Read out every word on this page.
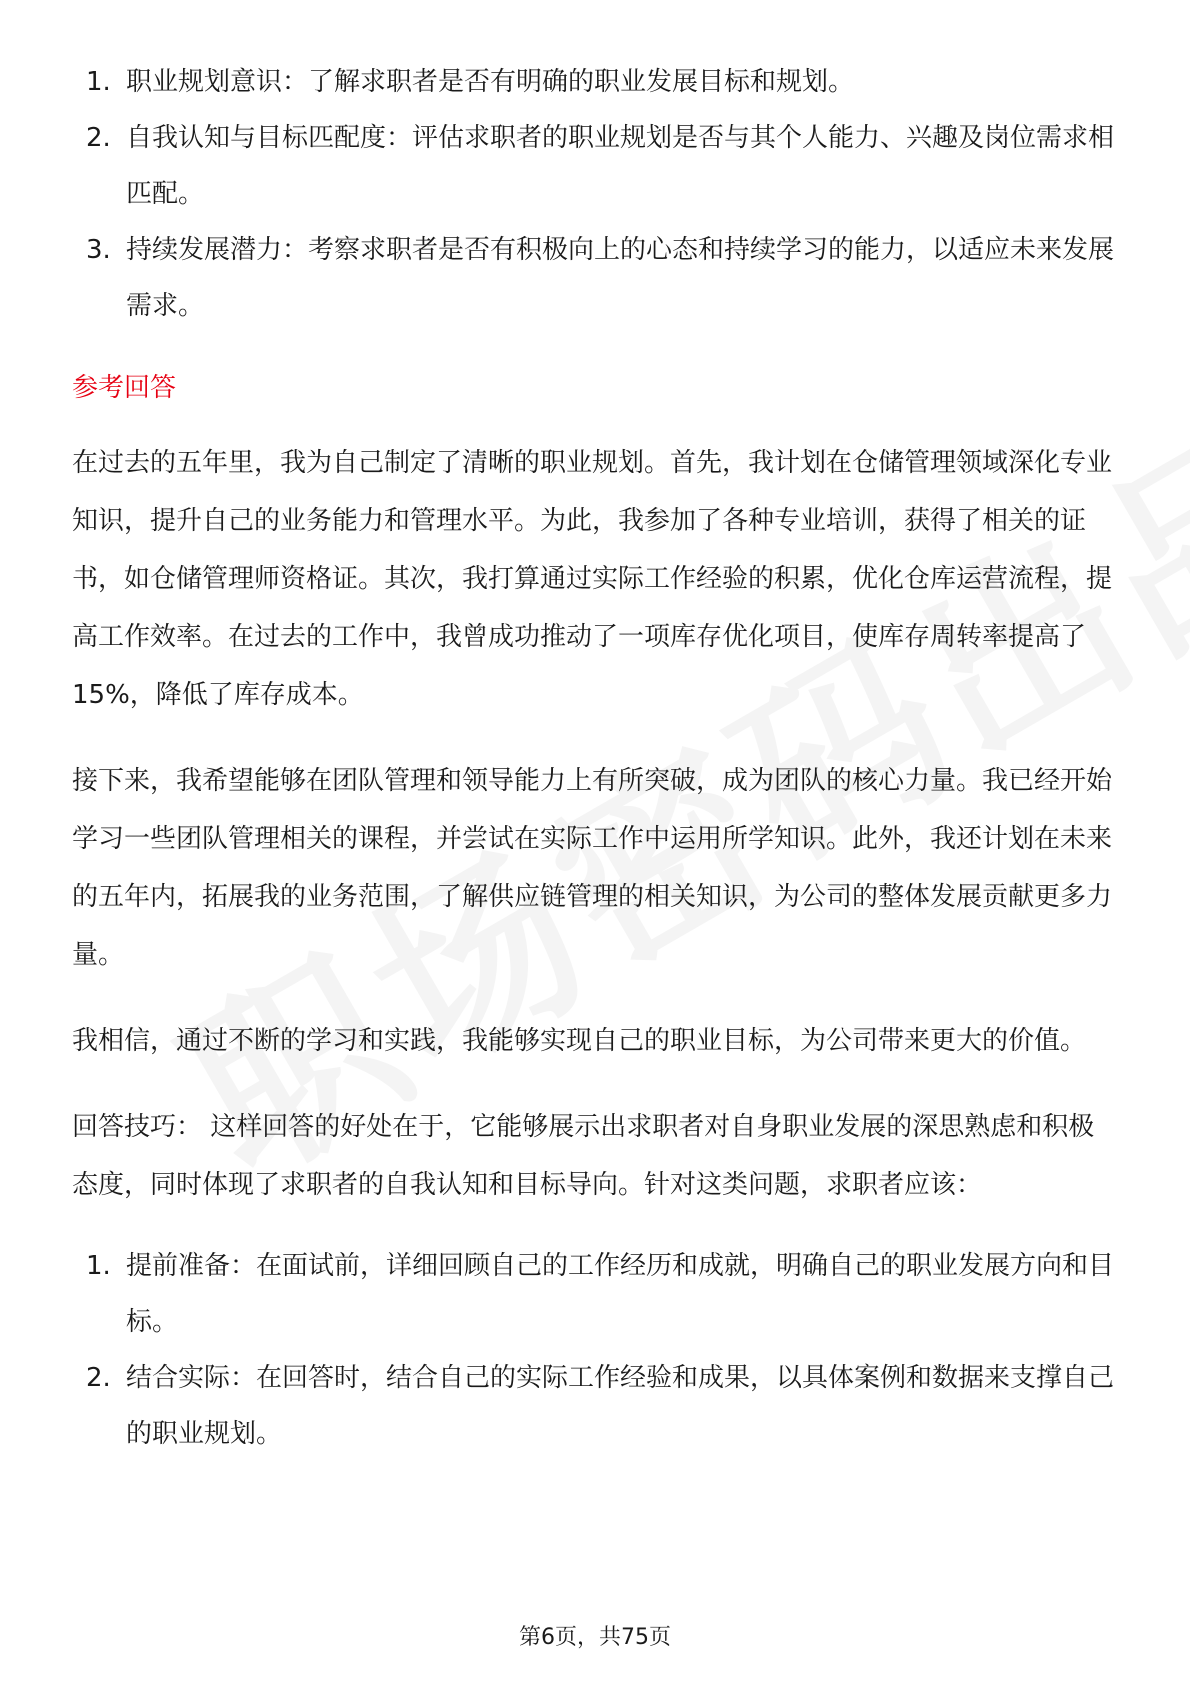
1. 职业规划意识：了解求职者是否有明确的职业发展目标和规划。
2. 自我认知与目标匹配度：评估求职者的职业规划是否与其个人能力、兴趣及岗位需求相匹配。
3. 持续发展潜力：考察求职者是否有积极向上的心态和持续学习的能力，以适应未来发展需求。
参考回答

在过去的五年里，我为自己制定了清晰的职业规划。首先，我计划在仓储管理领域深化专业知识，提升自己的业务能力和管理水平。为此，我参加了各种专业培训，获得了相关的证书，如仓储管理师资格证。其次，我打算通过实际工作经验的积累，优化仓库运营流程，提高工作效率。在过去的工作中，我曾成功推动了一项库存优化项目，使库存周转率提高了15%，降低了库存成本。

接下来，我希望能够在团队管理和领导能力上有所突破，成为团队的核心力量。我已经开始学习一些团队管理相关的课程，并尝试在实际工作中运用所学知识。此外，我还计划在未来的五年内，拓展我的业务范围，了解供应链管理的相关知识，为公司的整体发展贡献更多力量。

我相信，通过不断的学习和实践，我能够实现自己的职业目标，为公司带来更大的价值。

回答技巧： 这样回答的好处在于，它能够展示出求职者对自身职业发展的深思熟虑和积极态度，同时体现了求职者的自我认知和目标导向。针对这类问题，求职者应该：

1. 提前准备：在面试前，详细回顾自己的工作经历和成就，明确自己的职业发展方向和目标。
2. 结合实际：在回答时，结合自己的实际工作经验和成果，以具体案例和数据来支撑自己的职业规划。
第6页，共75页
